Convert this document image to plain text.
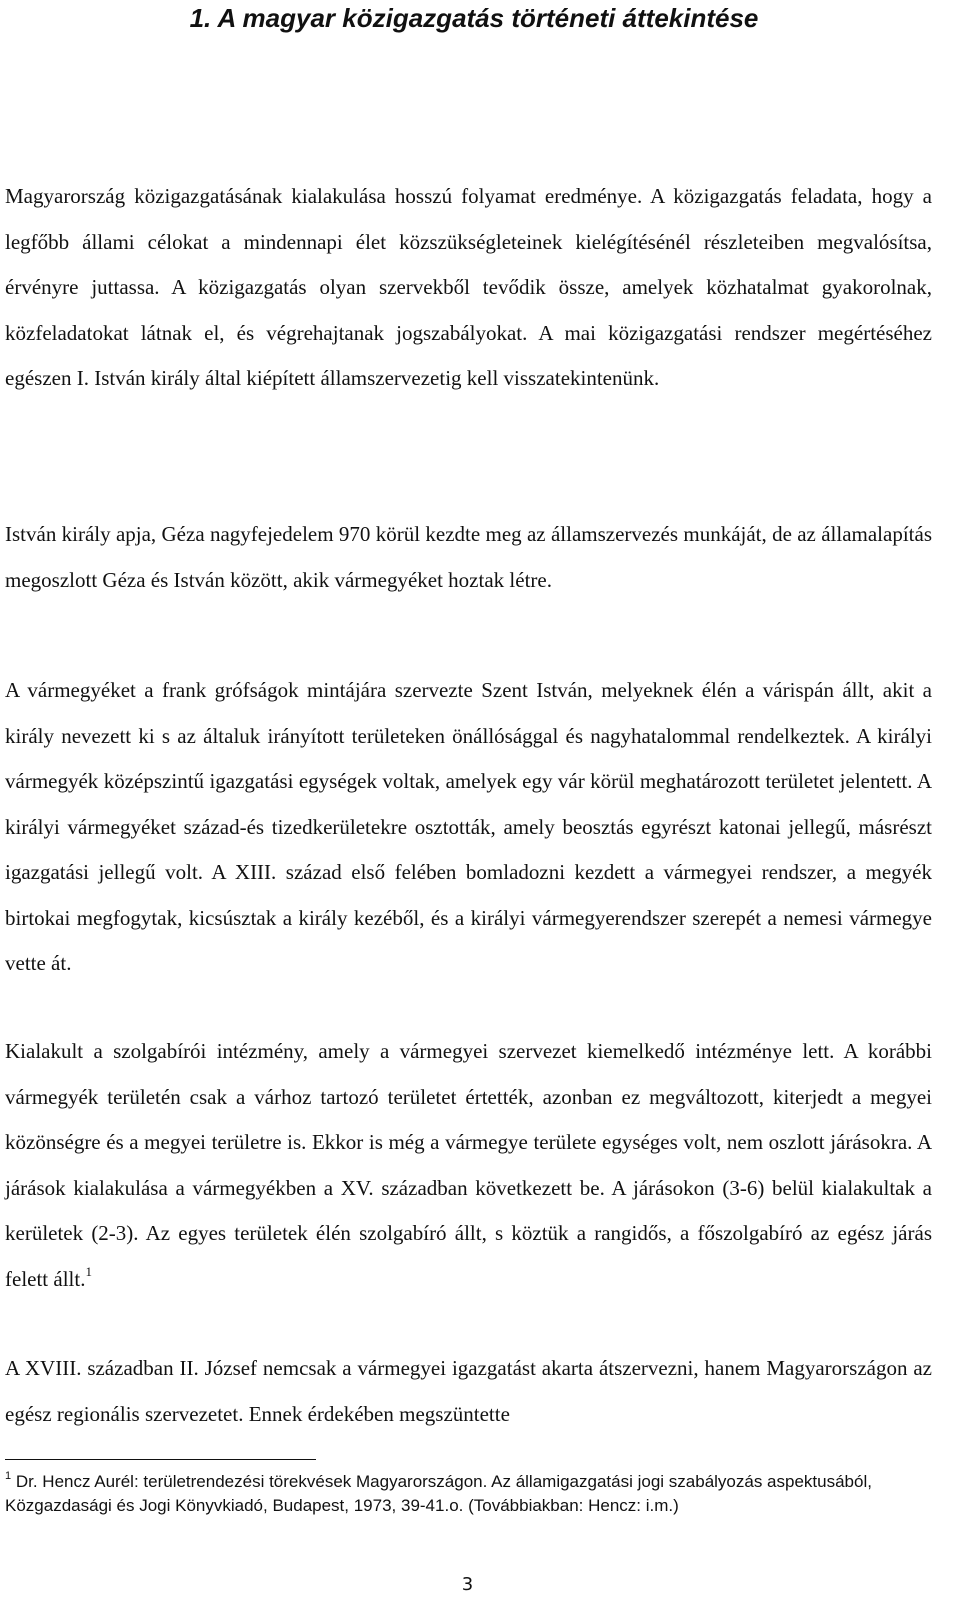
1. A magyar közigazgatás történeti áttekintése

Magyarország közigazgatásának kialakulása hosszú folyamat eredménye. A közigazgatás feladata, hogy a legfőbb állami célokat a mindennapi élet közszükségleteinek kielégítésénél részleteiben megvalósítsa, érvényre juttassa. A közigazgatás olyan szervekből tevődik össze, amelyek közhatalmat gyakorolnak, közfeladatokat látnak el, és végrehajtanak jogszabályokat. A mai közigazgatási rendszer megértéséhez egészen I. István király által kiépített államszervezetig kell visszatekintenünk.

István király apja, Géza nagyfejedelem 970 körül kezdte meg az államszervezés munkáját, de az államalapítás megoszlott Géza és István között, akik vármegyéket hoztak létre.

A vármegyéket a frank grófságok mintájára szervezte Szent István, melyeknek élén a várispán állt, akit a király nevezett ki s az általuk irányított területeken önállósággal és nagyhatalommal rendelkeztek. A királyi vármegyék középszintű igazgatási egységek voltak, amelyek egy vár körül meghatározott területet jelentett. A királyi vármegyéket század-és tizedkerületekre osztották, amely beosztás egyrészt katonai jellegű, másrészt igazgatási jellegű volt. A XIII. század első felében bomladozni kezdett a vármegyei rendszer, a megyék birtokai megfogytak, kicsúsztak a király kezéből, és a királyi vármegyerendszer szerepét a nemesi vármegye vette át.

Kialakult a szolgabírói intézmény, amely a vármegyei szervezet kiemelkedő intézménye lett. A korábbi vármegyék területén csak a várhoz tartozó területet értették, azonban ez megváltozott, kiterjedt a megyei közönségre és a megyei területre is. Ekkor is még a vármegye területe egységes volt, nem oszlott járásokra. A járások kialakulása a vármegyékben a XV. században következett be. A járásokon (3-6) belül kialakultak a kerületek (2-3). Az egyes területek élén szolgabíró állt, s köztük a rangidős, a főszolgabíró az egész járás felett állt.$^1$

A XVIII. században II. József nemcsak a vármegyei igazgatást akarta átszervezni, hanem Magyarországon az egész regionális szervezetet. Ennek érdekében megszüntette

$^1$ Dr. Hencz Aurél: területrendezési törekvések Magyarországon. Az államigazgatási jogi szabályozás aspektusából, Közgazdasági és Jogi Könyvkiadó, Budapest, 1973, 39-41.o. (Továbbiakban: Hencz: i.m.)

3
